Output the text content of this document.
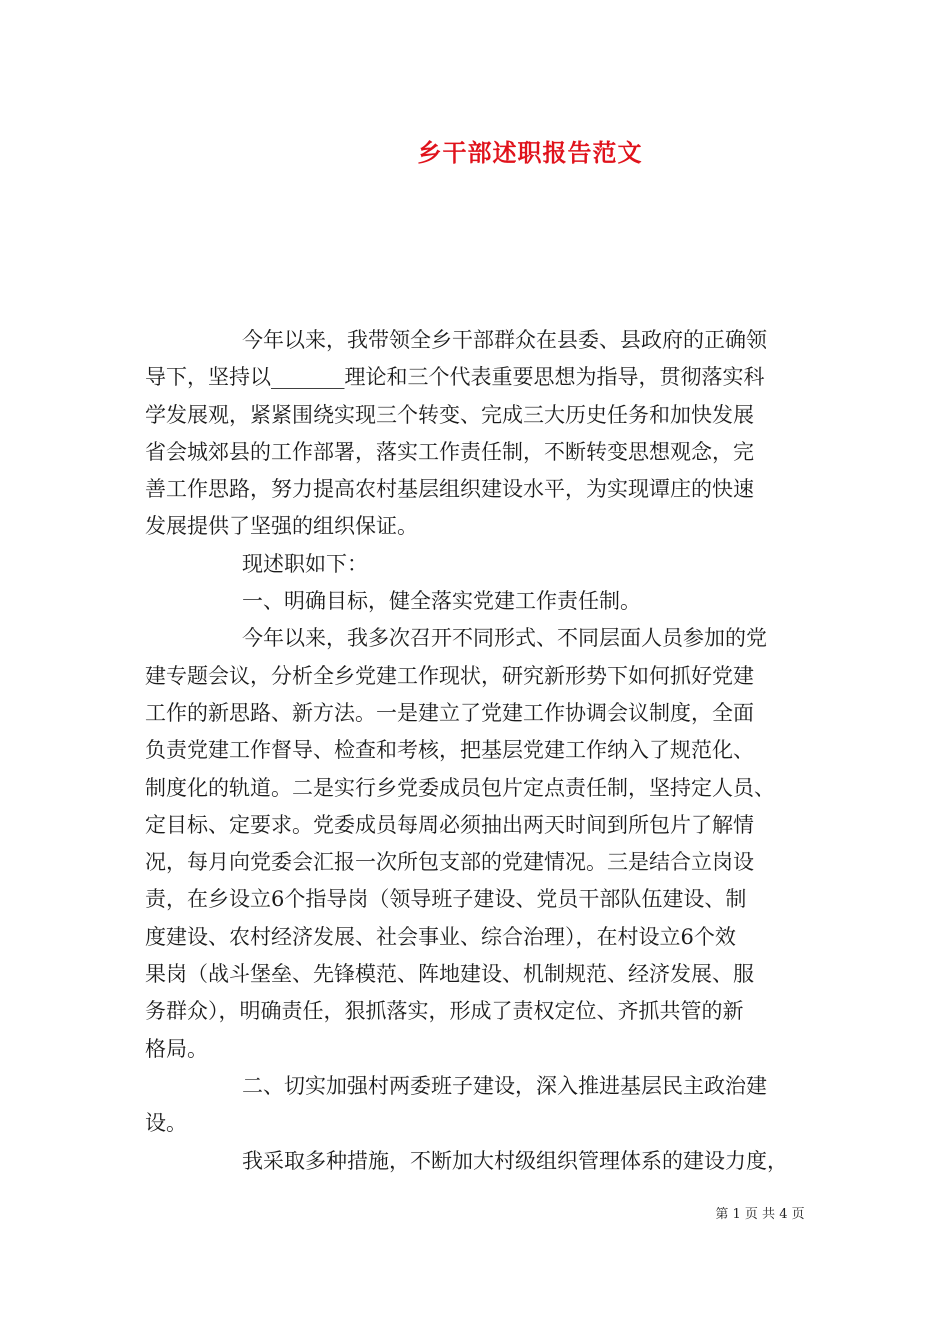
乡干部述职报告范文
今年以来，我带领全乡干部群众在县委、县政府的正确领
导下，坚持以_______理论和三个代表重要思想为指导，贯彻落实科
学发展观，紧紧围绕实现三个转变、完成三大历史任务和加快发展
省会城郊县的工作部署，落实工作责任制，不断转变思想观念，完
善工作思路，努力提高农村基层组织建设水平，为实现谭庄的快速
发展提供了坚强的组织保证。
现述职如下：
一、明确目标，健全落实党建工作责任制。
今年以来，我多次召开不同形式、不同层面人员参加的党
建专题会议，分析全乡党建工作现状，研究新形势下如何抓好党建
工作的新思路、新方法。一是建立了党建工作协调会议制度，全面
负责党建工作督导、检查和考核，把基层党建工作纳入了规范化、
制度化的轨道。二是实行乡党委成员包片定点责任制，坚持定人员、
定目标、定要求。党委成员每周必须抽出两天时间到所包片了解情
况，每月向党委会汇报一次所包支部的党建情况。三是结合立岗设
责，在乡设立6个指导岗（领导班子建设、党员干部队伍建设、制
度建设、农村经济发展、社会事业、综合治理），在村设立6个效
果岗（战斗堡垒、先锋模范、阵地建设、机制规范、经济发展、服
务群众），明确责任，狠抓落实，形成了责权定位、齐抓共管的新
格局。
二、切实加强村两委班子建设，深入推进基层民主政治建
设。
我采取多种措施，不断加大村级组织管理体系的建设力度，
第 1 页 共 4 页
